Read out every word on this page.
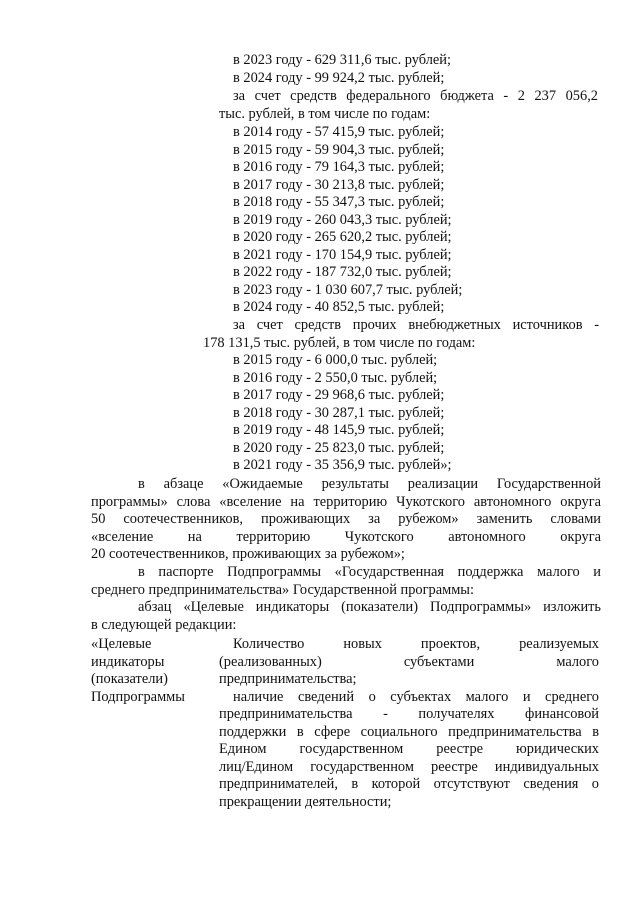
в 2023 году - 629 311,6 тыс. рублей;
в 2024 году - 99 924,2 тыс. рублей;
за счет средств федерального бюджета - 2 237 056,2
тыс. рублей, в том числе по годам:
в 2014 году - 57 415,9 тыс. рублей;
в 2015 году - 59 904,3 тыс. рублей;
в 2016 году - 79 164,3 тыс. рублей;
в 2017 году - 30 213,8 тыс. рублей;
в 2018 году - 55 347,3 тыс. рублей;
в 2019 году - 260 043,3 тыс. рублей;
в 2020 году - 265 620,2 тыс. рублей;
в 2021 году - 170 154,9 тыс. рублей;
в 2022 году - 187 732,0 тыс. рублей;
в 2023 году - 1 030 607,7 тыс. рублей;
в 2024 году - 40 852,5 тыс. рублей;
за счет средств прочих внебюджетных источников -
178 131,5 тыс. рублей, в том числе по годам:
в 2015 году - 6 000,0 тыс. рублей;
в 2016 году - 2 550,0 тыс. рублей;
в 2017 году - 29 968,6 тыс. рублей;
в 2018 году - 30 287,1 тыс. рублей;
в 2019 году - 48 145,9 тыс. рублей;
в 2020 году - 25 823,0 тыс. рублей;
в 2021 году - 35 356,9 тыс. рублей»;
в абзаце «Ожидаемые результаты реализации Государственной
программы» слова «вселение на территорию Чукотского автономного округа
50 соотечественников, проживающих за рубежом» заменить словами
«вселение на территорию Чукотского автономного округа
20 соотечественников, проживающих за рубежом»;
в паспорте Подпрограммы «Государственная поддержка малого и
среднего предпринимательства» Государственной программы:
абзац «Целевые индикаторы (показатели) Подпрограммы» изложить
в следующей редакции:
«Целевые
индикаторы
(показатели)
Подпрограммы
Количество новых проектов, реализуемых
(реализованных) субъектами малого
предпринимательства;
наличие сведений о субъектах малого и среднего
предпринимательства - получателях финансовой
поддержки в сфере социального предпринимательства в
Едином государственном реестре юридических
лиц/Едином государственном реестре индивидуальных
предпринимателей, в которой отсутствуют сведения о
прекращении деятельности;
